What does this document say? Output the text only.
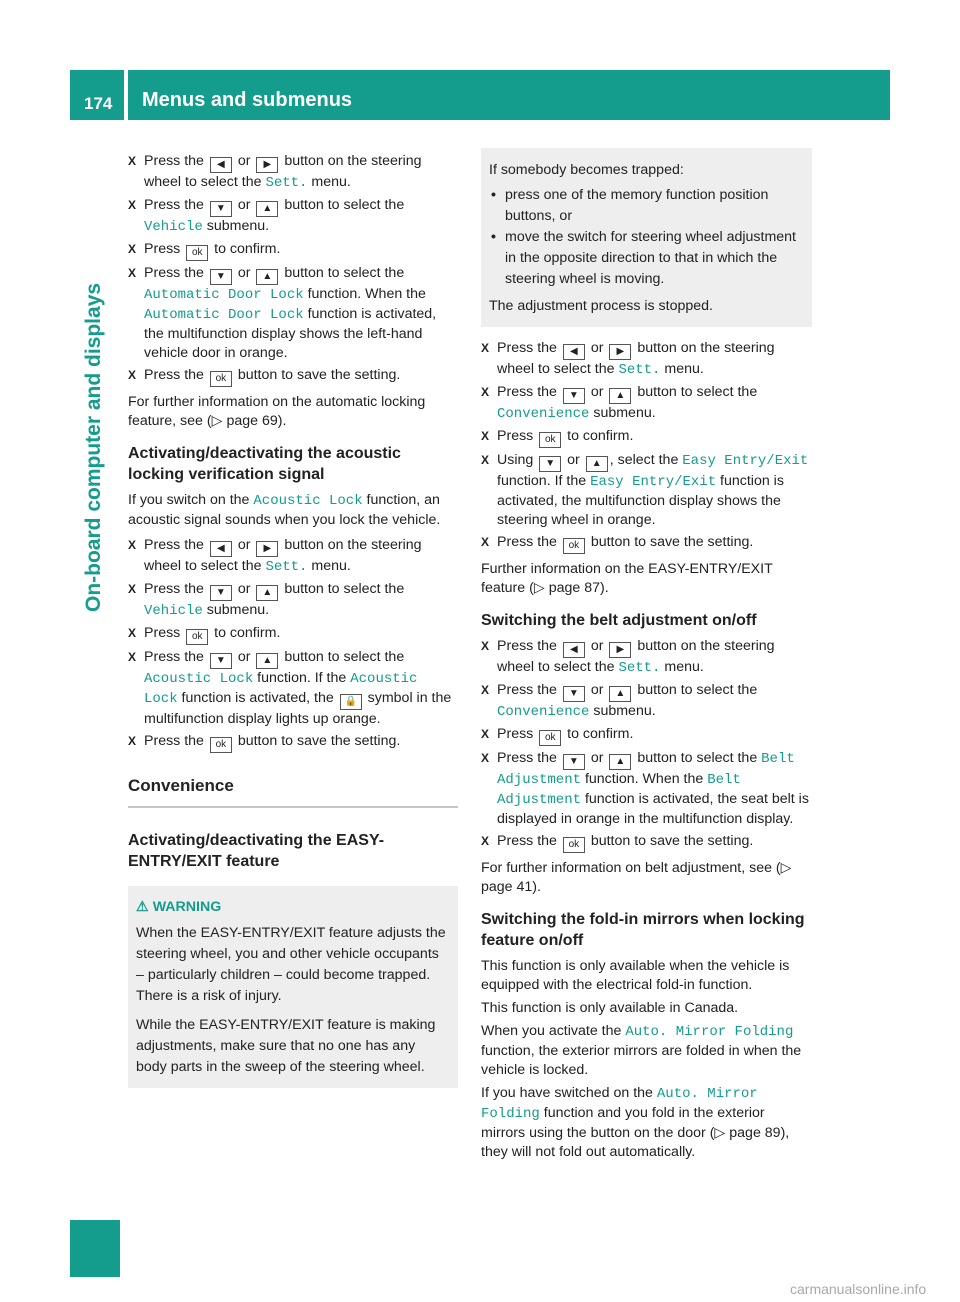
174 Menus and submenus
On-board computer and displays
X Press the ◀ or ▶ button on the steering wheel to select the Sett. menu.
X Press the ▼ or ▲ button to select the Vehicle submenu.
X Press ok to confirm.
X Press the ▼ or ▲ button to select the Automatic Door Lock function. When the Automatic Door Lock function is activated, the multifunction display shows the left-hand vehicle door in orange.
X Press the ok button to save the setting.

For further information on the automatic locking feature, see (▷ page 69).

Activating/deactivating the acoustic locking verification signal

If you switch on the Acoustic Lock function, an acoustic signal sounds when you lock the vehicle.

X Press the ◀ or ▶ button on the steering wheel to select the Sett. menu.
X Press the ▼ or ▲ button to select the Vehicle submenu.
X Press ok to confirm.
X Press the ▼ or ▲ button to select the Acoustic Lock function. If the Acoustic Lock function is activated, the 🔒 symbol in the multifunction display lights up orange.
X Press the ok button to save the setting.
Convenience
Activating/deactivating the EASY-ENTRY/EXIT feature
⚠ WARNING

When the EASY-ENTRY/EXIT feature adjusts the steering wheel, you and other vehicle occupants – particularly children – could become trapped. There is a risk of injury.

While the EASY-ENTRY/EXIT feature is making adjustments, make sure that no one has any body parts in the sweep of the steering wheel.

If somebody becomes trapped:

• press one of the memory function position buttons, or
• move the switch for steering wheel adjustment in the opposite direction to that in which the steering wheel is moving.

The adjustment process is stopped.

X Press the ◀ or ▶ button on the steering wheel to select the Sett. menu.
X Press the ▼ or ▲ button to select the Convenience submenu.
X Press ok to confirm.
X Using ▼ or ▲ , select the Easy Entry/Exit function. If the Easy Entry/Exit function is activated, the multifunction display shows the steering wheel in orange.
X Press the ok button to save the setting.

Further information on the EASY-ENTRY/EXIT feature (▷ page 87).

Switching the belt adjustment on/off
X Press the ◀ or ▶ button on the steering wheel to select the Sett. menu.
X Press the ▼ or ▲ button to select the Convenience submenu.
X Press ok to confirm.
X Press the ▼ or ▲ button to select the Belt Adjustment function. When the Belt Adjustment function is activated, the seat belt is displayed in orange in the multifunction display.
X Press the ok button to save the setting.

For further information on belt adjustment, see (▷ page 41).

Switching the fold-in mirrors when locking feature on/off

This function is only available when the vehicle is equipped with the electrical fold-in function.

This function is only available in Canada.

When you activate the Auto. Mirror Folding function, the exterior mirrors are folded in when the vehicle is locked.

If you have switched on the Auto. Mirror Folding function and you fold in the exterior mirrors using the button on the door (▷ page 89), they will not fold out automatically.

carmanualsonline.info
